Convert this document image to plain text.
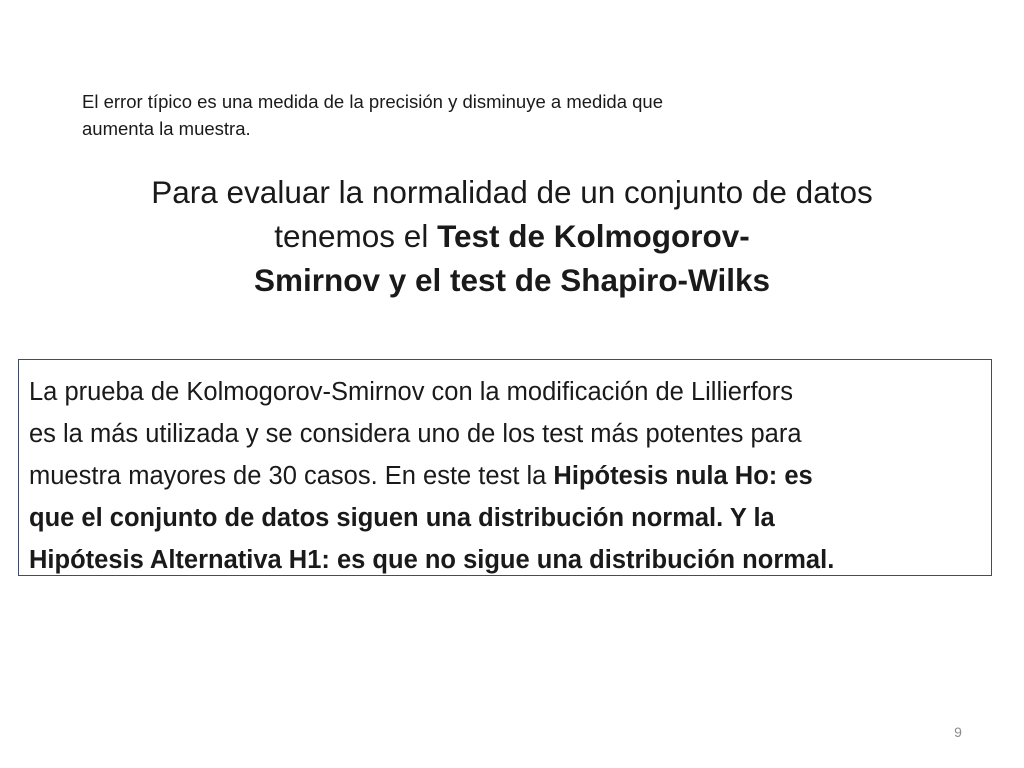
El error típico es una medida de la precisión y disminuye a medida que
aumenta la muestra.

Para evaluar la normalidad de un conjunto de datos
tenemos el Test de Kolmogorov-
Smirnov y el test de Shapiro-Wilks

La prueba de Kolmogorov-Smirnov con la modificación de Lillierfors

es la más utilizada y se considera uno de los test más potentes para

muestra mayores de 30 casos. En este test la Hipótesis nula Ho: es

que el conjunto de datos siguen una distribución normal. Y la

Hipótesis Alternativa H1: es que no sigue una distribución normal.

9
